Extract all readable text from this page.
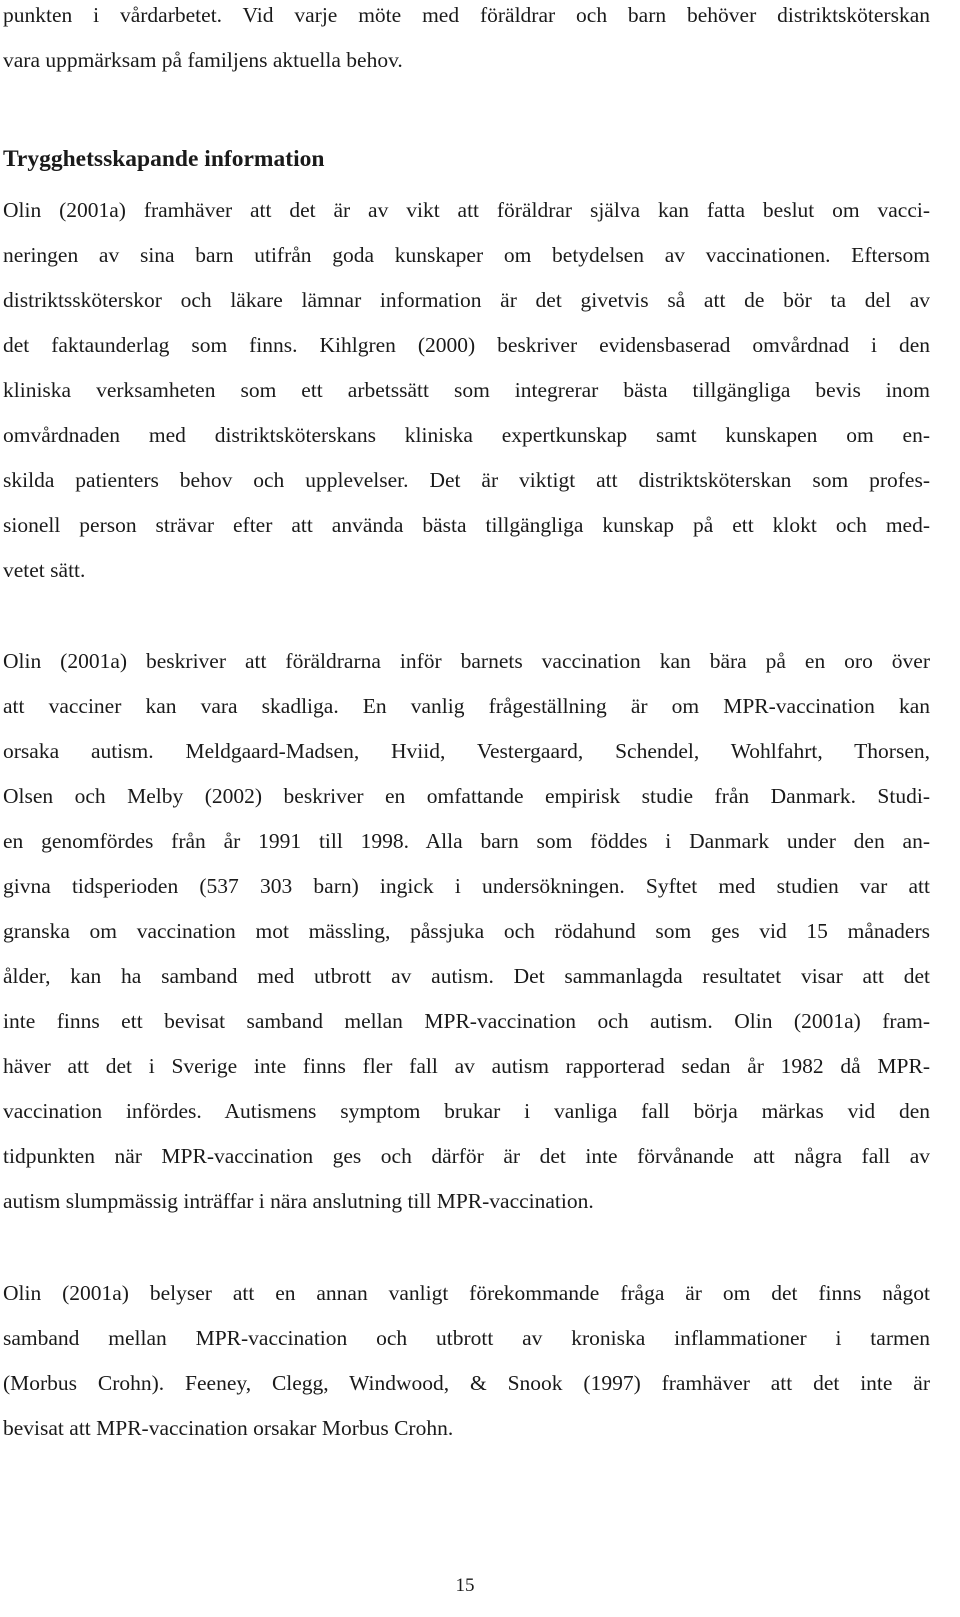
punkten i vårdarbetet. Vid varje möte med föräldrar och barn behöver distriktsköterskan
vara uppmärksam på familjens aktuella behov.
Trygghetsskapande information
Olin (2001a) framhäver att det är av vikt att föräldrar själva kan fatta beslut om vacci-
neringen av sina barn utifrån goda kunskaper om betydelsen av vaccinationen. Eftersom
distriktssköterskor och läkare lämnar information är det givetvis så att de bör ta del av
det faktaunderlag som finns. Kihlgren (2000) beskriver evidensbaserad omvårdnad i den
kliniska verksamheten som ett arbetssätt som integrerar bästa tillgängliga bevis inom
omvårdnaden med distriktsköterskans kliniska expertkunskap samt kunskapen om en-
skilda patienters behov och upplevelser. Det är viktigt att distriktsköterskan som profes-
sionell person strävar efter att använda bästa tillgängliga kunskap på ett klokt och med-
vetet sätt.
Olin (2001a) beskriver att föräldrarna inför barnets vaccination kan bära på en oro över
att vacciner kan vara skadliga. En vanlig frågeställning är om MPR-vaccination kan
orsaka autism. Meldgaard-Madsen, Hviid, Vestergaard, Schendel, Wohlfahrt, Thorsen,
Olsen och Melby (2002) beskriver en omfattande empirisk studie från Danmark. Studi-
en genomfördes från år 1991 till 1998. Alla barn som föddes i Danmark under den an-
givna tidsperioden (537 303 barn) ingick i undersökningen. Syftet med studien var att
granska om vaccination mot mässling, påssjuka och rödahund som ges vid 15 månaders
ålder, kan ha samband med utbrott av autism. Det sammanlagda resultatet visar att det
inte finns ett bevisat samband mellan MPR-vaccination och autism. Olin (2001a) fram-
häver att det i Sverige inte finns fler fall av autism rapporterad sedan år 1982 då MPR-
vaccination infördes. Autismens symptom brukar i vanliga fall börja märkas vid den
tidpunkten när MPR-vaccination ges och därför är det inte förvånande att några fall av
autism slumpmässig inträffar i nära anslutning till MPR-vaccination.
Olin (2001a) belyser att en annan vanligt förekommande fråga är om det finns något
samband mellan MPR-vaccination och utbrott av kroniska inflammationer i tarmen
(Morbus Crohn). Feeney, Clegg, Windwood, & Snook (1997) framhäver att det inte är
bevisat att MPR-vaccination orsakar Morbus Crohn.
15
